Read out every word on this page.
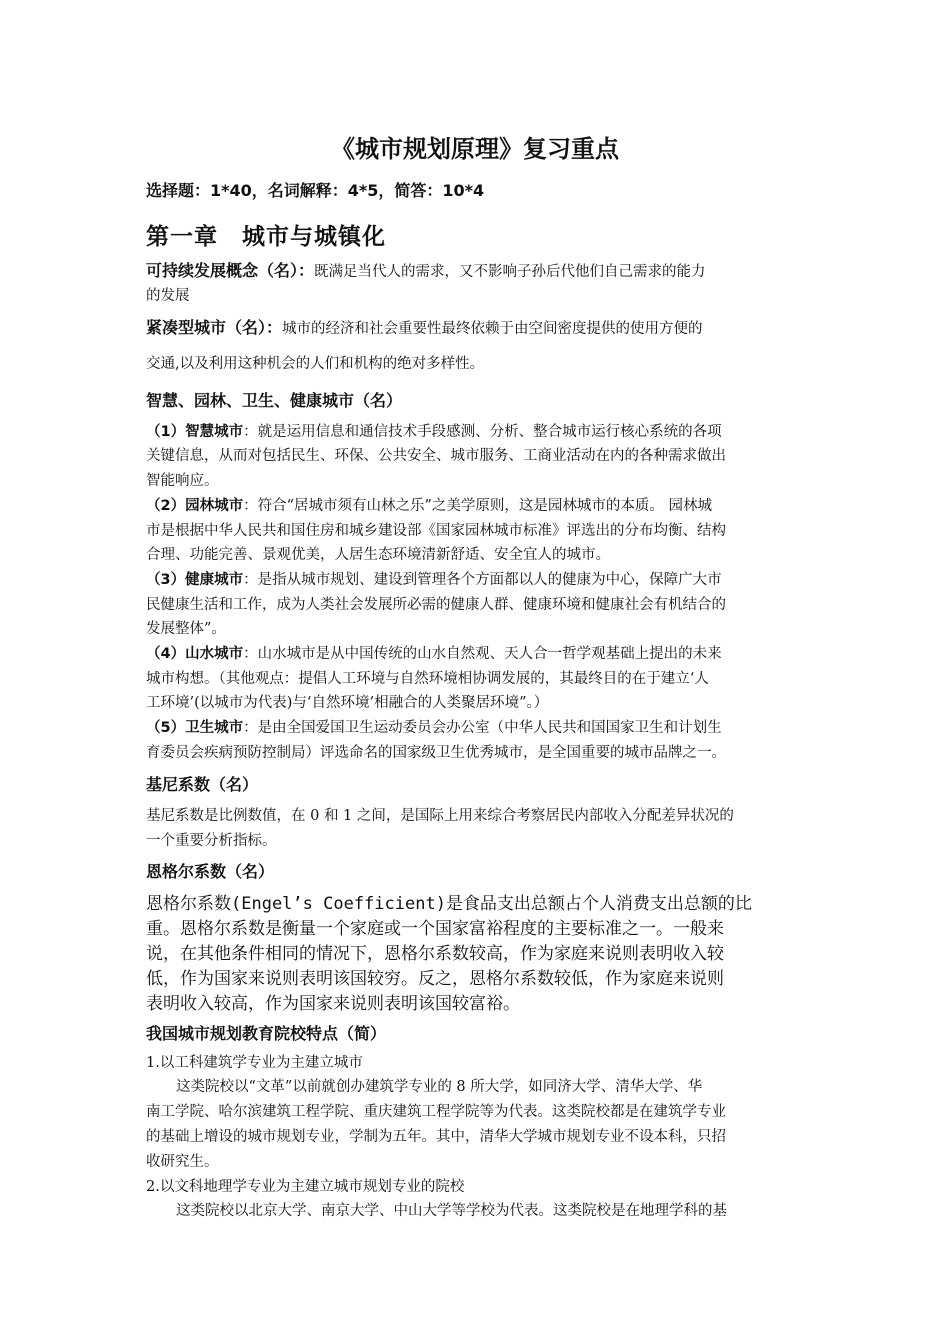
《城市规划原理》复习重点
选择题：1*40，名词解释：4*5，简答：10*4
第一章　城市与城镇化
可持续发展概念（名）：既满足当代人的需求，又不影响子孙后代他们自己需求的能力
的发展
紧凑型城市（名）：城市的经济和社会重要性最终依赖于由空间密度提供的使用方便的
交通,以及利用这种机会的人们和机构的绝对多样性。
智慧、园林、卫生、健康城市（名）
（1）智慧城市：就是运用信息和通信技术手段感测、分析、整合城市运行核心系统的各项
关键信息，从而对包括民生、环保、公共安全、城市服务、工商业活动在内的各种需求做出
智能响应。
（2）园林城市：符合“居城市须有山林之乐”之美学原则，这是园林城市的本质。 园林城
市是根据中华人民共和国住房和城乡建设部《国家园林城市标准》评选出的分布均衡、结构
合理、功能完善、景观优美，人居生态环境清新舒适、安全宜人的城市。
（3）健康城市：是指从城市规划、建设到管理各个方面都以人的健康为中心，保障广大市
民健康生活和工作，成为人类社会发展所必需的健康人群、健康环境和健康社会有机结合的
发展整体”。
（4）山水城市：山水城市是从中国传统的山水自然观、天人合一哲学观基础上提出的未来
城市构想。（其他观点：提倡人工环境与自然环境相协调发展的，其最终目的在于建立‘人
工环境’(以城市为代表)与‘自然环境’相融合的人类聚居环境”。）
（5）卫生城市：是由全国爱国卫生运动委员会办公室（中华人民共和国国家卫生和计划生
育委员会疾病预防控制局）评选命名的国家级卫生优秀城市，是全国重要的城市品牌之一。
基尼系数（名）
基尼系数是比例数值，在 0 和 1 之间，是国际上用来综合考察居民内部收入分配差异状况的
一个重要分析指标。
恩格尔系数（名）
恩格尔系数(Engel’s Coefficient)是食品支出总额占个人消费支出总额的比
重。恩格尔系数是衡量一个家庭或一个国家富裕程度的主要标准之一。一般来
说，在其他条件相同的情况下，恩格尔系数较高，作为家庭来说则表明收入较
低，作为国家来说则表明该国较穷。反之，恩格尔系数较低，作为家庭来说则
表明收入较高，作为国家来说则表明该国较富裕。
我国城市规划教育院校特点（简）
1.以工科建筑学专业为主建立城市
这类院校以“文革”以前就创办建筑学专业的 8 所大学，如同济大学、清华大学、华
南工学院、哈尔滨建筑工程学院、重庆建筑工程学院等为代表。这类院校都是在建筑学专业
的基础上增设的城市规划专业，学制为五年。其中，清华大学城市规划专业不设本科，只招
收研究生。
2.以文科地理学专业为主建立城市规划专业的院校
这类院校以北京大学、南京大学、中山大学等学校为代表。这类院校是在地理学科的基
